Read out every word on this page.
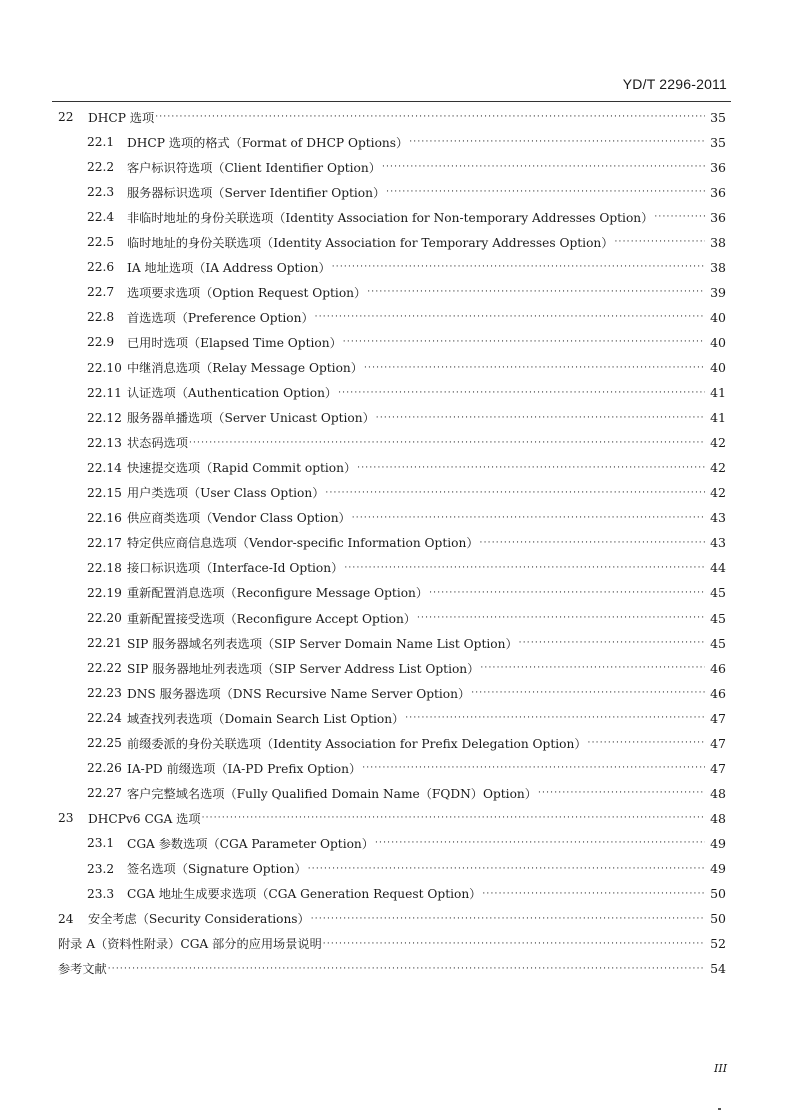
YD/T 2296-2011
22	DHCP 选项 ·····	35
22.1	DHCP 选项的格式（Format of DHCP Options） ·····	35
22.2	客户标识符选项（Client Identifier Option） ·····	36
22.3	服务器标识选项（Server Identifier Option） ·····	36
22.4	非临时地址的身份关联选项（Identity Association for Non-temporary Addresses Option） ·····	36
22.5	临时地址的身份关联选项（Identity Association for Temporary Addresses Option） ·····	38
22.6	IA 地址选项（IA Address Option） ·····	38
22.7	选项要求选项（Option Request Option） ·····	39
22.8	首选选项（Preference Option） ·····	40
22.9	已用时选项（Elapsed Time Option） ·····	40
22.10 中继消息选项（Relay Message Option） ·····	40
22.11 认证选项（Authentication Option） ·····	41
22.12 服务器单播选项（Server Unicast Option） ·····	41
22.13 状态码选项 ·····	42
22.14 快速提交选项（Rapid Commit option） ·····	42
22.15 用户类选项（User Class Option） ·····	42
22.16 供应商类选项（Vendor Class Option） ·····	43
22.17 特定供应商信息选项（Vendor-specific Information Option） ·····	43
22.18 接口标识选项（Interface-Id Option） ·····	44
22.19 重新配置消息选项（Reconfigure Message Option） ·····	45
22.20 重新配置接受选项（Reconfigure Accept Option） ·····	45
22.21 SIP 服务器域名列表选项（SIP Server Domain Name List Option） ·····	45
22.22 SIP 服务器地址列表选项（SIP Server Address List Option） ·····	46
22.23 DNS 服务器选项（DNS Recursive Name Server Option） ·····	46
22.24 域查找列表选项（Domain Search List Option） ·····	47
22.25 前缀委派的身份关联选项（Identity Association for Prefix Delegation Option） ·····	47
22.26 IA-PD 前缀选项（IA-PD Prefix Option） ·····	47
22.27 客户完整域名选项（Fully Qualified Domain Name（FQDN）Option） ·····	48
23	DHCPv6 CGA 选项 ·····	48
23.1	CGA 参数选项（CGA Parameter Option） ·····	49
23.2	签名选项（Signature Option） ·····	49
23.3	CGA 地址生成要求选项（CGA Generation Request Option） ·····	50
24	安全考虑（Security Considerations） ·····	50
附录 A（资料性附录）CGA 部分的应用场景说明 ·····	52
参考文献 ·····	54
III
